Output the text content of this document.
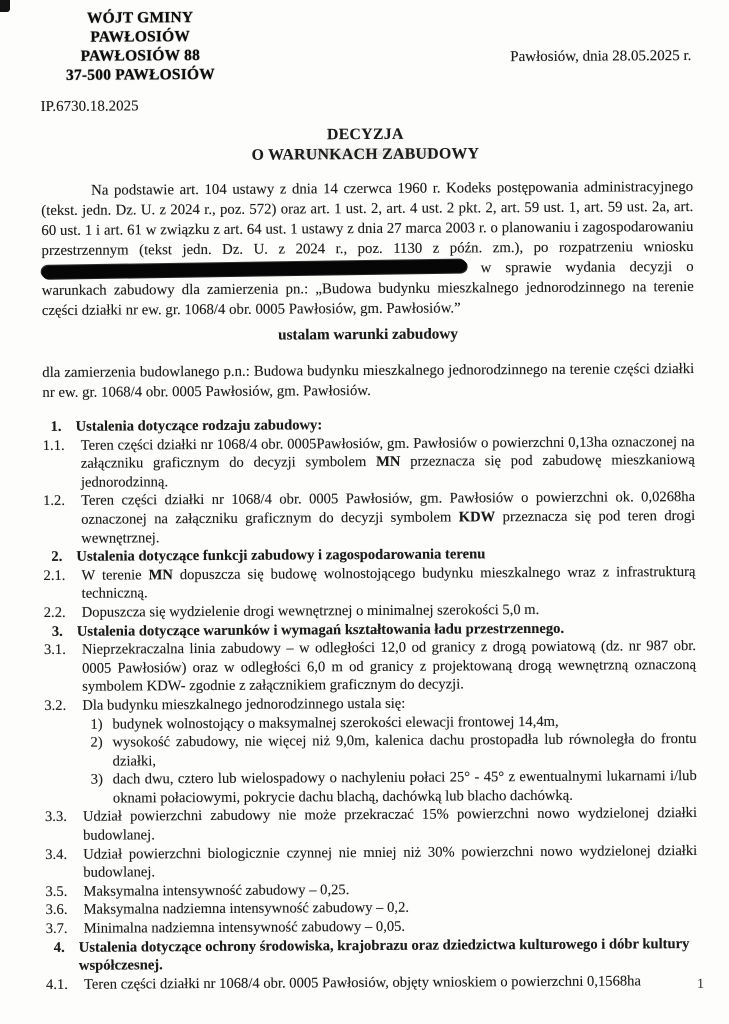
WÓJT GMINY PAWŁOSIÓW
PAWŁOSIÓW 88
37-500 PAWŁOSIÓW
Pawłosiów, dnia 28.05.2025 r.
IP.6730.18.2025
DECYZJA
O WARUNKACH ZABUDOWY

Na podstawie art. 104 ustawy z dnia 14 czerwca 1960 r. Kodeks postępowania administracyjnego (tekst. jedn. Dz. U. z 2024 r., poz. 572) oraz art. 1 ust. 2, art. 4 ust. 2 pkt. 2, art. 59 ust. 1, art. 59 ust. 2a, art. 60 ust. 1 i art. 61 w związku z art. 64 ust. 1 ustawy z dnia 27 marca 2003 r. o planowaniu i zagospodarowaniu przestrzennym (tekst jedn. Dz. U. z 2024 r., poz. 1130 z późn. zm.), po rozpatrzeniu wniosku  w sprawie wydania decyzji o warunkach zabudowy dla zamierzenia pn.: „Budowa budynku mieszkalnego jednorodzinnego na terenie części działki nr ew. gr. 1068/4 obr. 0005 Pawłosiów, gm. Pawłosiów.”

ustalam warunki zabudowy

dla zamierzenia budowlanego p.n.: Budowa budynku mieszkalnego jednorodzinnego na terenie części działki nr ew. gr. 1068/4 obr. 0005 Pawłosiów, gm. Pawłosiów.

1. Ustalenia dotyczące rodzaju zabudowy:
1.1.	Teren części działki nr 1068/4 obr. 0005Pawłosiów, gm. Pawłosiów o powierzchni 0,13ha oznaczonej na załączniku graficznym do decyzji symbolem MN przeznacza się pod zabudowę mieszkaniową jednorodzinną.
1.2.	Teren części działki nr 1068/4 obr. 0005 Pawłosiów, gm. Pawłosiów o powierzchni ok. 0,0268ha oznaczonej na załączniku graficznym do decyzji symbolem KDW przeznacza się pod teren drogi wewnętrznej.
2. Ustalenia dotyczące funkcji zabudowy i zagospodarowania terenu
2.1.	W terenie MN dopuszcza się budowę wolnostojącego budynku mieszkalnego wraz z infrastrukturą techniczną.
2.2.	Dopuszcza się wydzielenie drogi wewnętrznej o minimalnej szerokości 5,0 m.
3. Ustalenia dotyczące warunków i wymagań kształtowania ładu przestrzennego.
3.1.	Nieprzekraczalna linia zabudowy – w odległości 12,0 od granicy z drogą powiatową (dz. nr 987 obr. 0005 Pawłosiów) oraz w odległości 6,0 m od granicy z projektowaną drogą wewnętrzną oznaczoną symbolem KDW- zgodnie z załącznikiem graficznym do decyzji.
3.2.	Dla budynku mieszkalnego jednorodzinnego ustala się:
1) budynek wolnostojący o maksymalnej szerokości elewacji frontowej 14,4m,
2) wysokość zabudowy, nie więcej niż 9,0m, kalenica dachu prostopadła lub równoległa do frontu działki,
3) dach dwu, cztero lub wielospadowy o nachyleniu połaci 25° - 45° z ewentualnymi lukarnami i/lub oknami połaciowymi, pokrycie dachu blachą, dachówką lub blacho dachówką.
3.3.	Udział powierzchni zabudowy nie może przekraczać 15% powierzchni nowo wydzielonej działki budowlanej.
3.4.	Udział powierzchni biologicznie czynnej nie mniej niż 30% powierzchni nowo wydzielonej działki budowlanej.
3.5.	Maksymalna intensywność zabudowy – 0,25.
3.6.	Maksymalna nadziemna intensywność zabudowy – 0,2.
3.7.	Minimalna nadziemna intensywność zabudowy – 0,05.
4. Ustalenia dotyczące ochrony środowiska, krajobrazu oraz dziedzictwa kulturowego i dóbr kultury współczesnej.
4.1.	Teren części działki nr 1068/4 obr. 0005 Pawłosiów, objęty wnioskiem o powierzchni 0,1568ha	1
